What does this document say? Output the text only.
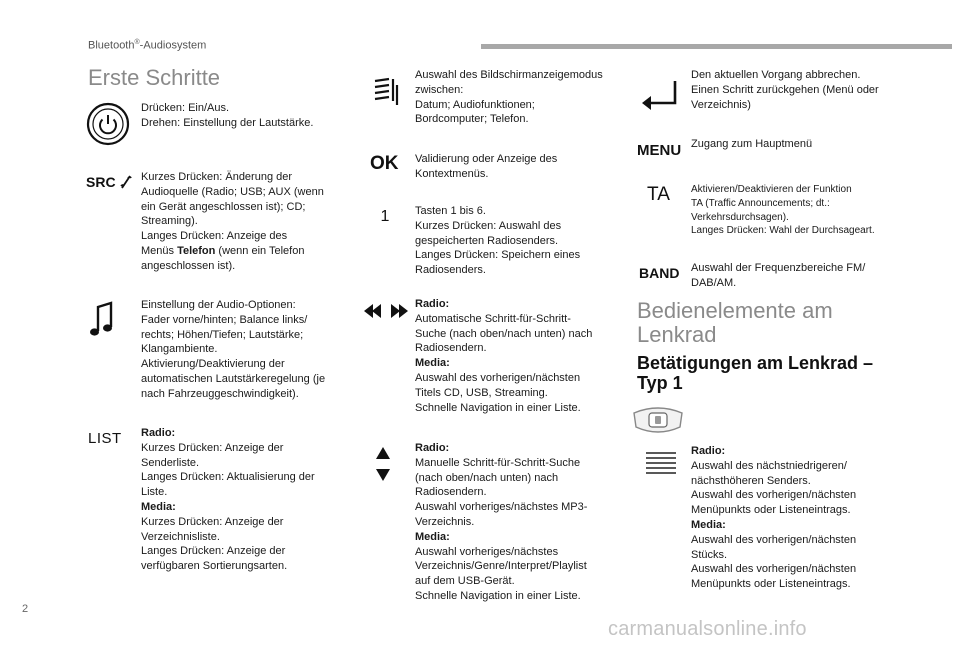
Bluetooth®-Audiosystem
Erste Schritte
Drücken: Ein/Aus.
Drehen: Einstellung der Lautstärke.
SRC Kurzes Drücken: Änderung der
Audioquelle (Radio; USB; AUX (wenn
ein Gerät angeschlossen ist); CD;
Streaming).
Langes Drücken: Anzeige des
Menüs Telefon (wenn ein Telefon
angeschlossen ist).
Einstellung der Audio-Optionen:
Fader vorne/hinten; Balance links/
rechts; Höhen/Tiefen; Lautstärke;
Klangambiente.
Aktivierung/Deaktivierung der
automatischen Lautstärkeregelung (je
nach Fahrzeuggeschwindigkeit).
LIST Radio:
Kurzes Drücken: Anzeige der
Senderliste.
Langes Drücken: Aktualisierung der
Liste.
Media:
Kurzes Drücken: Anzeige der
Verzeichnisliste.
Langes Drücken: Anzeige der
verfügbaren Sortierungsarten.
Auswahl des Bildschirmanzeigemodus
zwischen:
Datum; Audiofunktionen;
Bordcomputer; Telefon.
OK Validierung oder Anzeige des
Kontextmenüs.
1 Tasten 1 bis 6.
Kurzes Drücken: Auswahl des
gespeicherten Radiosenders.
Langes Drücken: Speichern eines
Radiosenders.
Radio:
Automatische Schritt-für-Schritt-
Suche (nach oben/nach unten) nach
Radiosendern.
Media:
Auswahl des vorherigen/nächsten
Titels CD, USB, Streaming.
Schnelle Navigation in einer Liste.
Radio:
Manuelle Schritt-für-Schritt-Suche
(nach oben/nach unten) nach
Radiosendern.
Auswahl vorheriges/nächstes MP3-
Verzeichnis.
Media:
Auswahl vorheriges/nächstes
Verzeichnis/Genre/Interpret/Playlist
auf dem USB-Gerät.
Schnelle Navigation in einer Liste.
Den aktuellen Vorgang abbrechen.
Einen Schritt zurückgehen (Menü oder
Verzeichnis)
MENU Zugang zum Hauptmenü
TA Aktivieren/Deaktivieren der Funktion
TA (Traffic Announcements; dt.:
Verkehrsdurchsagen).
Langes Drücken: Wahl der Durchsageart.
BAND Auswahl der Frequenzbereiche FM/
DAB/AM.
Bedienelemente am
Lenkrad
Betätigungen am Lenkrad –
Typ 1
Radio:
Auswahl des nächstniedrigeren/
nächsthöheren Senders.
Auswahl des vorherigen/nächsten
Menüpunkts oder Listeneintrags.
Media:
Auswahl des vorherigen/nächsten
Stücks.
Auswahl des vorherigen/nächsten
Menüpunkts oder Listeneintrags.
2
carmanualsonline.info
